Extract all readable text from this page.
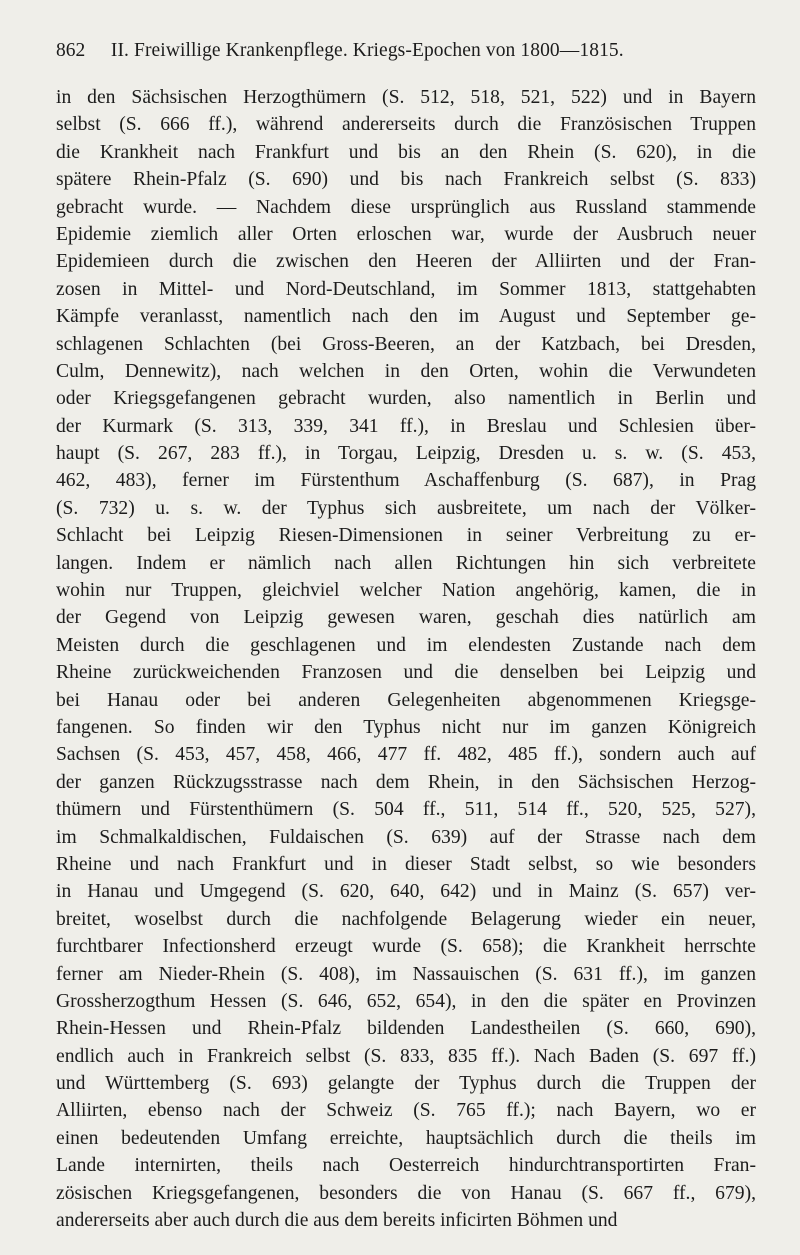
862 II. Freiwillige Krankenpflege. Kriegs-Epochen von 1800—1815.
in den Sächsischen Herzogthümern (S. 512, 518, 521, 522) und in Bayern
selbst (S. 666 ff.), während andererseits durch die Französischen Truppen
die Krankheit nach Frankfurt und bis an den Rhein (S. 620), in die
spätere Rhein-Pfalz (S. 690) und bis nach Frankreich selbst (S. 833)
gebracht wurde. — Nachdem diese ursprünglich aus Russland stammende
Epidemie ziemlich aller Orten erloschen war, wurde der Ausbruch neuer
Epidemieen durch die zwischen den Heeren der Alliirten und der Fran-
zosen in Mittel- und Nord-Deutschland, im Sommer 1813, stattgehabten
Kämpfe veranlasst, namentlich nach den im August und September ge-
schlagenen Schlachten (bei Gross-Beeren, an der Katzbach, bei Dresden,
Culm, Dennewitz), nach welchen in den Orten, wohin die Verwundeten
oder Kriegsgefangenen gebracht wurden, also namentlich in Berlin und
der Kurmark (S. 313, 339, 341 ff.), in Breslau und Schlesien über-
haupt (S. 267, 283 ff.), in Torgau, Leipzig, Dresden u. s. w. (S. 453,
462, 483), ferner im Fürstenthum Aschaffenburg (S. 687), in Prag
(S. 732) u. s. w. der Typhus sich ausbreitete, um nach der Völker-
Schlacht bei Leipzig Riesen-Dimensionen in seiner Verbreitung zu er-
langen. Indem er nämlich nach allen Richtungen hin sich verbreitete
wohin nur Truppen, gleichviel welcher Nation angehörig, kamen, die in
der Gegend von Leipzig gewesen waren, geschah dies natürlich am
Meisten durch die geschlagenen und im elendesten Zustande nach dem
Rheine zurückweichenden Franzosen und die denselben bei Leipzig und
bei Hanau oder bei anderen Gelegenheiten abgenommenen Kriegsge-
fangenen. So finden wir den Typhus nicht nur im ganzen Königreich
Sachsen (S. 453, 457, 458, 466, 477 ff. 482, 485 ff.), sondern auch auf
der ganzen Rückzugsstrasse nach dem Rhein, in den Sächsischen Herzog-
thümern und Fürstenthümern (S. 504 ff., 511, 514 ff., 520, 525, 527),
im Schmalkaldischen, Fuldaischen (S. 639) auf der Strasse nach dem
Rheine und nach Frankfurt und in dieser Stadt selbst, so wie besonders
in Hanau und Umgegend (S. 620, 640, 642) und in Mainz (S. 657) ver-
breitet, woselbst durch die nachfolgende Belagerung wieder ein neuer,
furchtbarer Infectionsherd erzeugt wurde (S. 658); die Krankheit herrschte
ferner am Nieder-Rhein (S. 408), im Nassauischen (S. 631 ff.), im ganzen
Grossherzogthum Hessen (S. 646, 652, 654), in den die später en Provinzen
Rhein-Hessen und Rhein-Pfalz bildenden Landestheilen (S. 660, 690),
endlich auch in Frankreich selbst (S. 833, 835 ff.). Nach Baden (S. 697 ff.)
und Württemberg (S. 693) gelangte der Typhus durch die Truppen der
Alliirten, ebenso nach der Schweiz (S. 765 ff.); nach Bayern, wo er
einen bedeutenden Umfang erreichte, hauptsächlich durch die theils im
Lande internirten, theils nach Oesterreich hindurchtransportirten Fran-
zösischen Kriegsgefangenen, besonders die von Hanau (S. 667 ff., 679),
andererseits aber auch durch die aus dem bereits inficirten Böhmen und
